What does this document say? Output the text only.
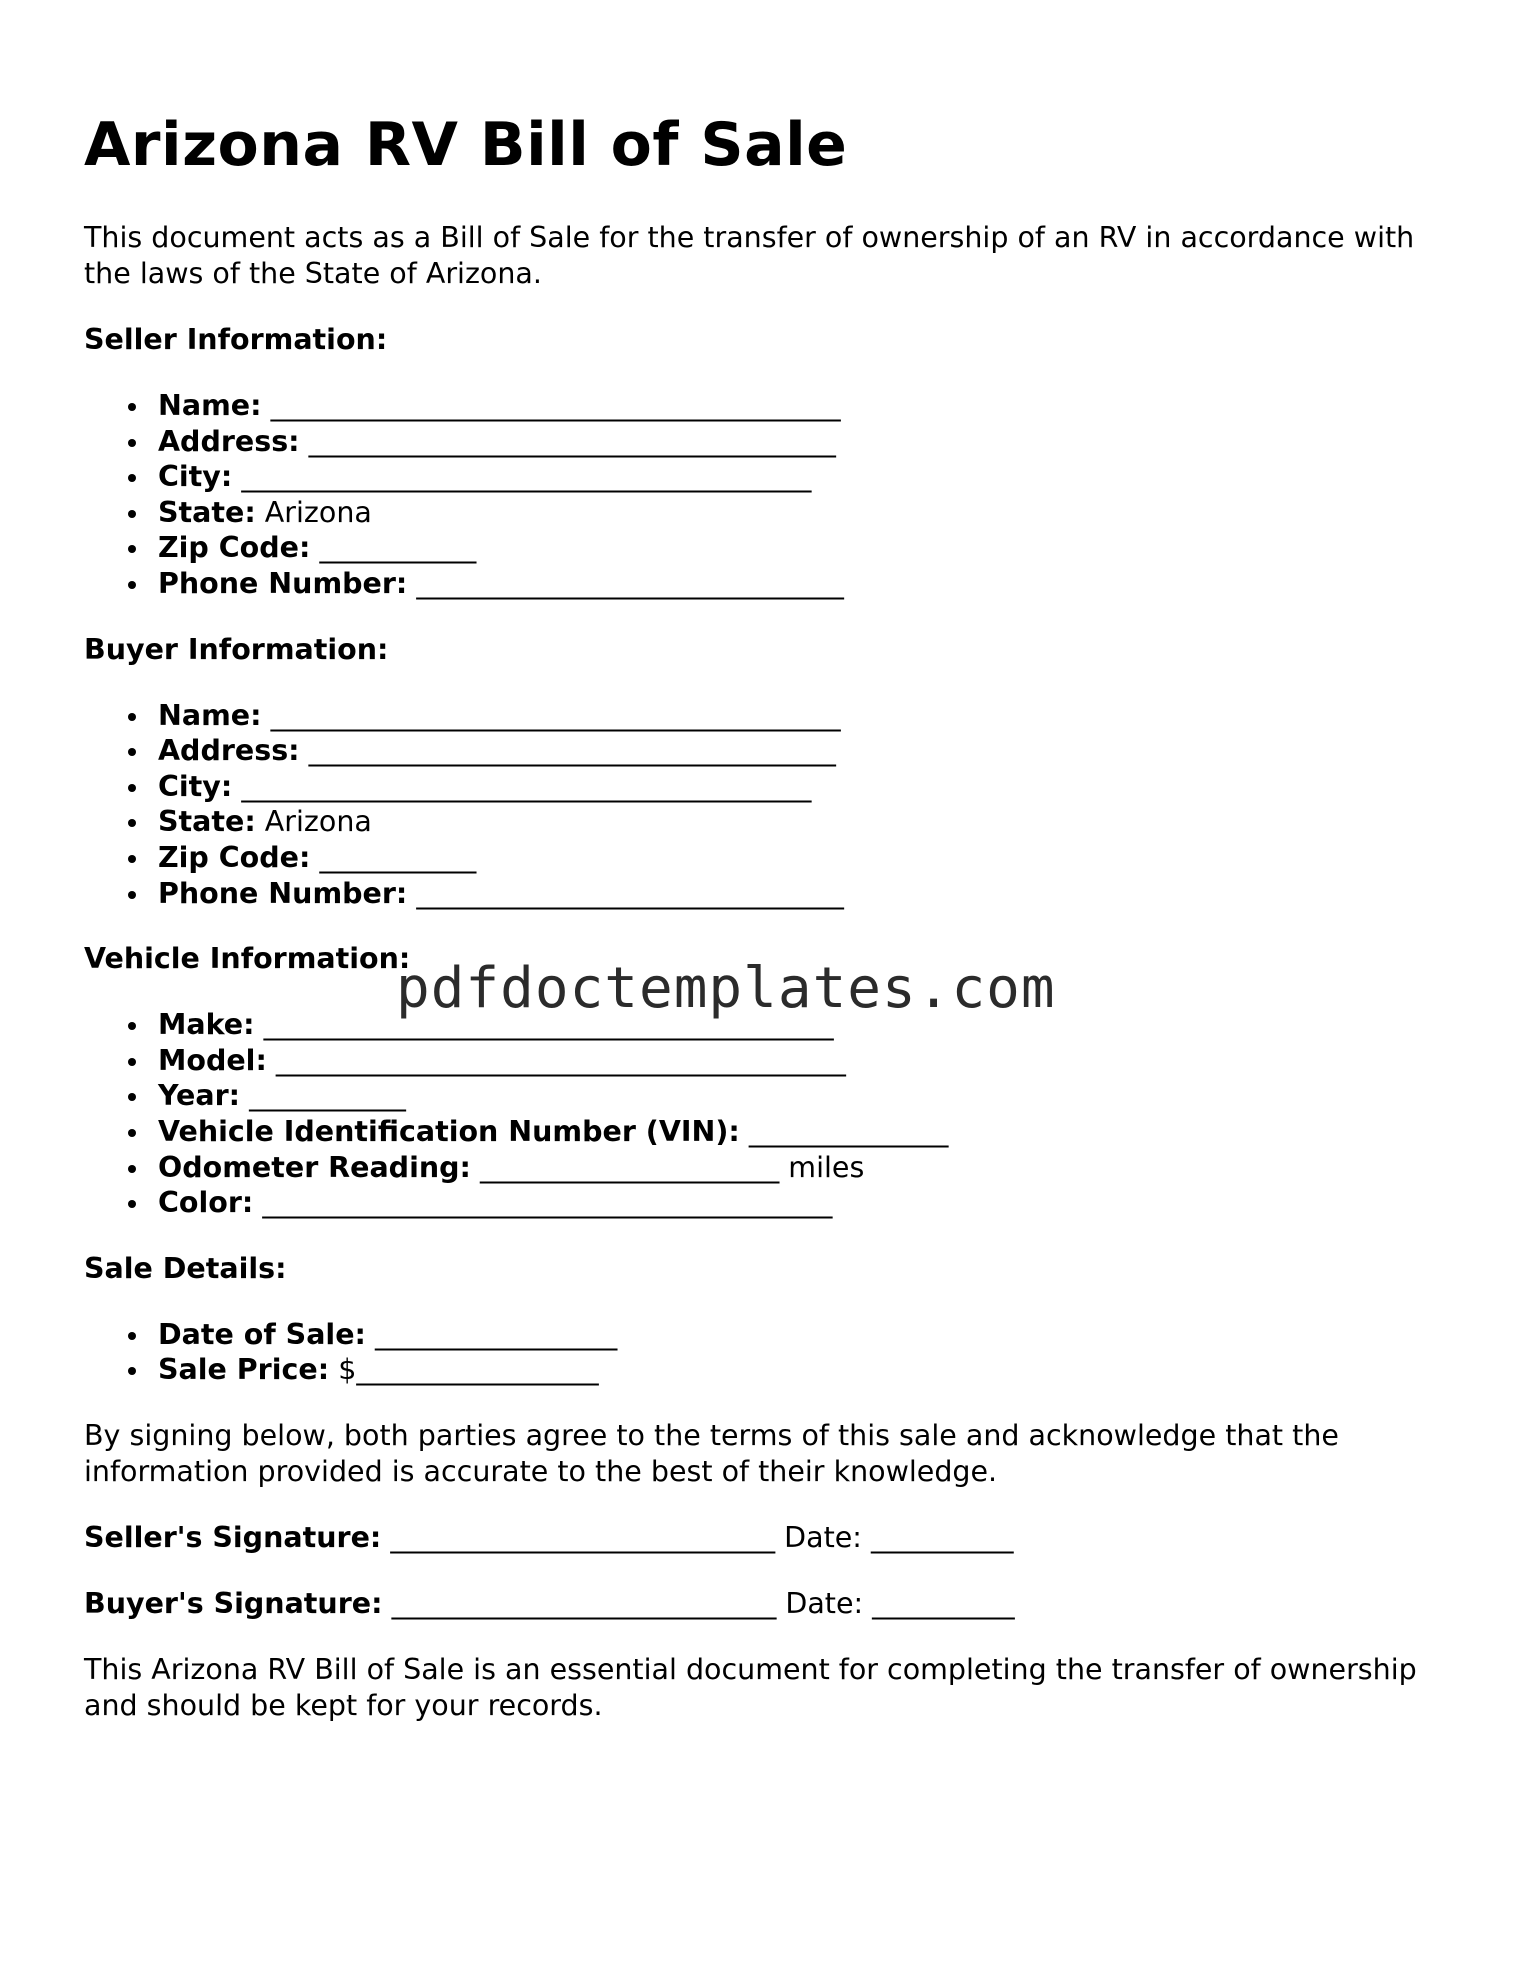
Arizona RV Bill of Sale

This document acts as a Bill of Sale for the transfer of ownership of an RV in accordance with the laws of the State of Arizona.

Seller Information:

Name: ________________________________________
Address: _____________________________________
City: ________________________________________
State: Arizona
Zip Code: ___________
Phone Number: ______________________________

Buyer Information:

Name: ________________________________________
Address: _____________________________________
City: ________________________________________
State: Arizona
Zip Code: ___________
Phone Number: ______________________________

Vehicle Information:

Make: ________________________________________
Model: ________________________________________
Year: ___________
Vehicle Identification Number (VIN): ______________
Odometer Reading: _____________________ miles
Color: ________________________________________

Sale Details:

Date of Sale: _________________
Sale Price: $_________________

By signing below, both parties agree to the terms of this sale and acknowledge that the information provided is accurate to the best of their knowledge.

Seller's Signature: ___________________________ Date: __________

Buyer's Signature: ___________________________ Date: __________

This Arizona RV Bill of Sale is an essential document for completing the transfer of ownership and should be kept for your records.

pdfdoctemplates.com
